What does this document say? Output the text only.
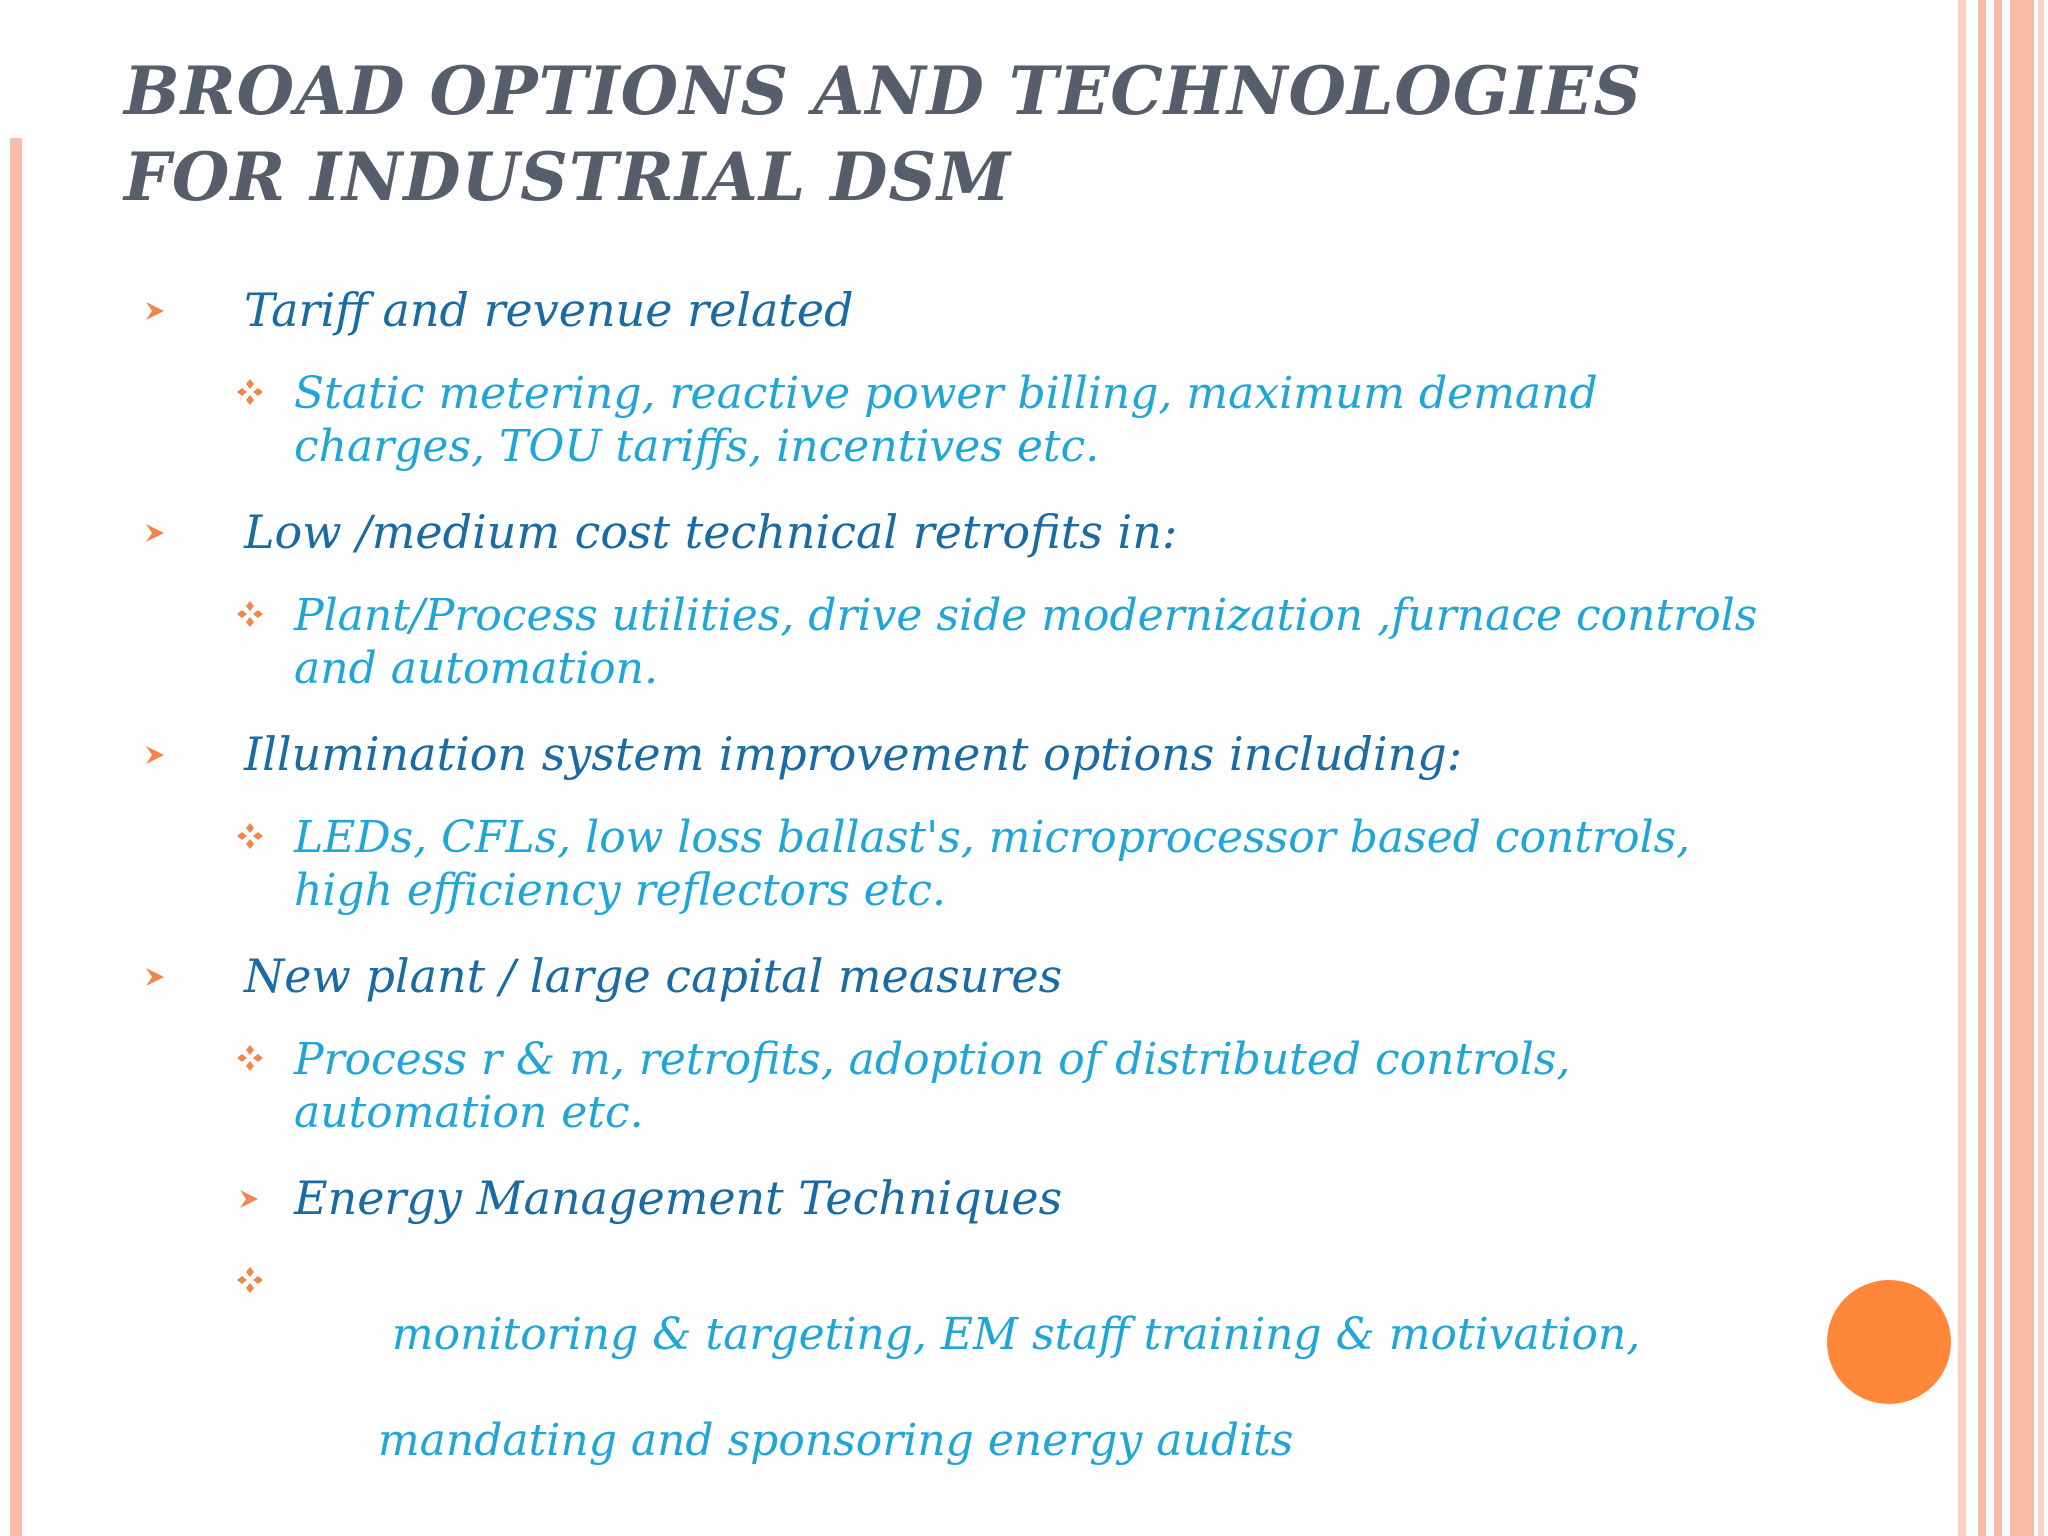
BROAD OPTIONS AND TECHNOLOGIES
FOR INDUSTRIAL DSM
Tariff and revenue related
Static metering, reactive power billing, maximum demand
charges, TOU tariffs, incentives etc.
Low /medium cost technical retrofits in:
Plant/Process utilities, drive side modernization ,furnace controls
and automation.
Illumination system improvement options including:
LEDs, CFLs, low loss ballast's, microprocessor based controls,
high efficiency reflectors etc.
New plant / large capital measures
Process r & m, retrofits, adoption of distributed controls,
automation etc.
Energy Management Techniques

monitoring & targeting, EM staff training & motivation,

mandating and sponsoring energy audits
